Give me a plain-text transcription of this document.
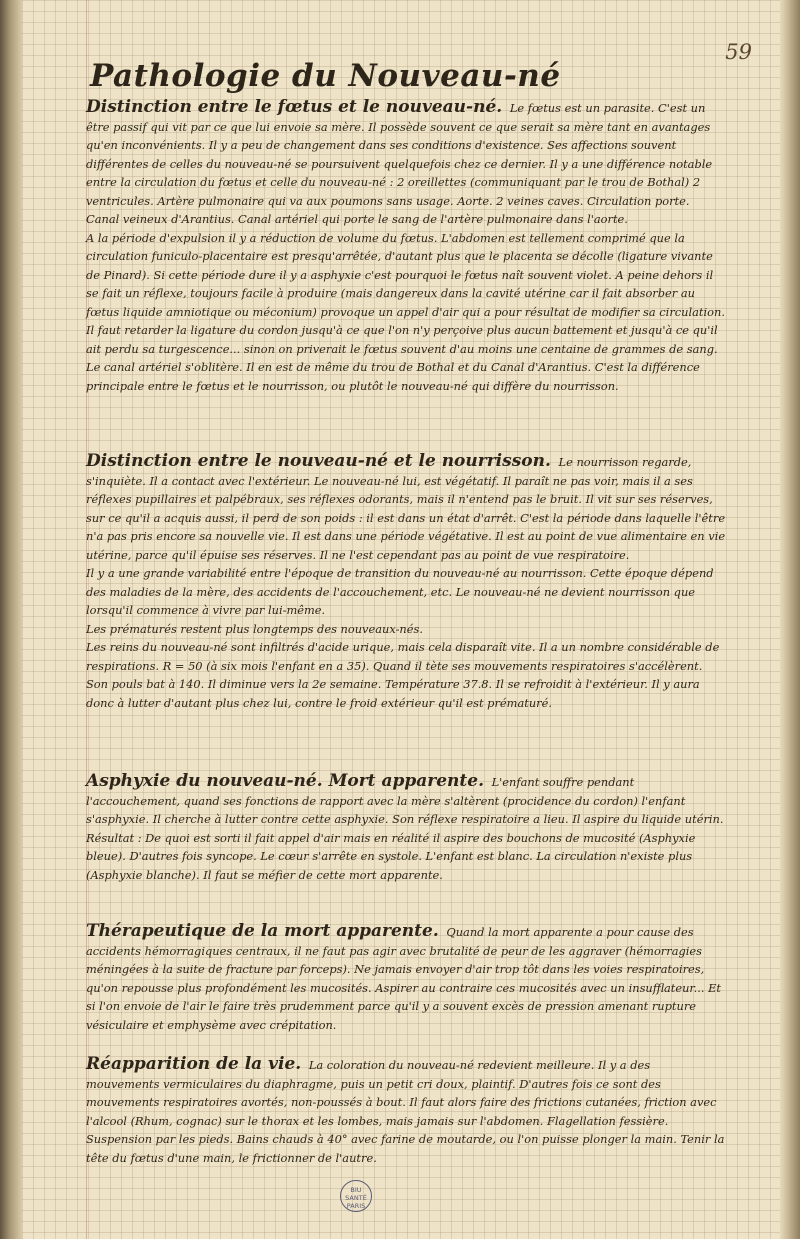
59
Pathologie du Nouveau-né

Distinction entre le fœtus et le nouveau-né. Le fœtus est un parasite. C'est un être passif qui vit par ce que lui envoie sa mère. Il possède souvent ce que serait sa mère tant en avantages qu'en inconvénients. Il y a peu de changement dans ses conditions d'existence. Ses affections souvent différentes de celles du nouveau-né se poursuivent quelquefois chez ce dernier. Il y a une différence notable entre la circulation du fœtus et celle du nouveau-né : 2 oreillettes (communiquant par le trou de Bothal) 2 ventricules. Artère pulmonaire qui va aux poumons sans usage. Aorte. 2 veines caves. Circulation porte. Canal veineux d'Arantius. Canal artériel qui porte le sang de l'artère pulmonaire dans l'aorte.

A la période d'expulsion il y a réduction de volume du fœtus. L'abdomen est tellement comprimé que la circulation funiculo-placentaire est presqu'arrêtée, d'autant plus que le placenta se décolle (ligature vivante de Pinard). Si cette période dure il y a asphyxie c'est pourquoi le fœtus naît souvent violet. A peine dehors il se fait un réflexe, toujours facile à produire (mais dangereux dans la cavité utérine car il fait absorber au fœtus liquide amniotique ou méconium) provoque un appel d'air qui a pour résultat de modifier sa circulation. Il faut retarder la ligature du cordon jusqu'à ce que l'on n'y perçoive plus aucun battement et jusqu'à ce qu'il ait perdu sa turgescence... sinon on priverait le fœtus souvent d'au moins une centaine de grammes de sang. Le canal artériel s'oblitère. Il en est de même du trou de Bothal et du Canal d'Arantius. C'est la différence principale entre le fœtus et le nourrisson, ou plutôt le nouveau-né qui diffère du nourrisson.

Distinction entre le nouveau-né et le nourrisson. Le nourrisson regarde, s'inquiète. Il a contact avec l'extérieur. Le nouveau-né lui, est végétatif. Il paraît ne pas voir, mais il a ses réflexes pupillaires et palpébraux, ses réflexes odorants, mais il n'entend pas le bruit. Il vit sur ses réserves, sur ce qu'il a acquis aussi, il perd de son poids : il est dans un état d'arrêt. C'est la période dans laquelle l'être n'a pas pris encore sa nouvelle vie. Il est dans une période végétative. Il est au point de vue alimentaire en vie utérine, parce qu'il épuise ses réserves. Il ne l'est cependant pas au point de vue respiratoire.

Il y a une grande variabilité entre l'époque de transition du nouveau-né au nourrisson. Cette époque dépend des maladies de la mère, des accidents de l'accouchement, etc. Le nouveau-né ne devient nourrisson que lorsqu'il commence à vivre par lui-même.

Les prématurés restent plus longtemps des nouveaux-nés.

Les reins du nouveau-né sont infiltrés d'acide urique, mais cela disparaît vite. Il a un nombre considérable de respirations. R = 50 (à six mois l'enfant en a 35). Quand il tète ses mouvements respiratoires s'accélèrent. Son pouls bat à 140. Il diminue vers la 2e semaine. Température 37.8. Il se refroidit à l'extérieur. Il y aura donc à lutter d'autant plus chez lui, contre le froid extérieur qu'il est prématuré.

Asphyxie du nouveau-né. Mort apparente. L'enfant souffre pendant l'accouchement, quand ses fonctions de rapport avec la mère s'altèrent (procidence du cordon) l'enfant s'asphyxie. Il cherche à lutter contre cette asphyxie. Son réflexe respiratoire a lieu. Il aspire du liquide utérin. Résultat : De quoi est sorti il fait appel d'air mais en réalité il aspire des bouchons de mucosité (Asphyxie bleue). D'autres fois syncope. Le cœur s'arrête en systole. L'enfant est blanc. La circulation n'existe plus (Asphyxie blanche). Il faut se méfier de cette mort apparente.

Thérapeutique de la mort apparente. Quand la mort apparente a pour cause des accidents hémorragiques centraux, il ne faut pas agir avec brutalité de peur de les aggraver (hémorragies méningées à la suite de fracture par forceps). Ne jamais envoyer d'air trop tôt dans les voies respiratoires, qu'on repousse plus profondément les mucosités. Aspirer au contraire ces mucosités avec un insufflateur... Et si l'on envoie de l'air le faire très prudemment parce qu'il y a souvent excès de pression amenant rupture vésiculaire et emphysème avec crépitation.

Réapparition de la vie. La coloration du nouveau-né redevient meilleure. Il y a des mouvements vermiculaires du diaphragme, puis un petit cri doux, plaintif. D'autres fois ce sont des mouvements respiratoires avortés, non-poussés à bout. Il faut alors faire des frictions cutanées, friction avec l'alcool (Rhum, cognac) sur le thorax et les lombes, mais jamais sur l'abdomen. Flagellation fessière. Suspension par les pieds. Bains chauds à 40° avec farine de moutarde, ou l'on puisse plonger la main. Tenir la tête du fœtus d'une main, le frictionner de l'autre.

BIU SANTÉ PARIS
